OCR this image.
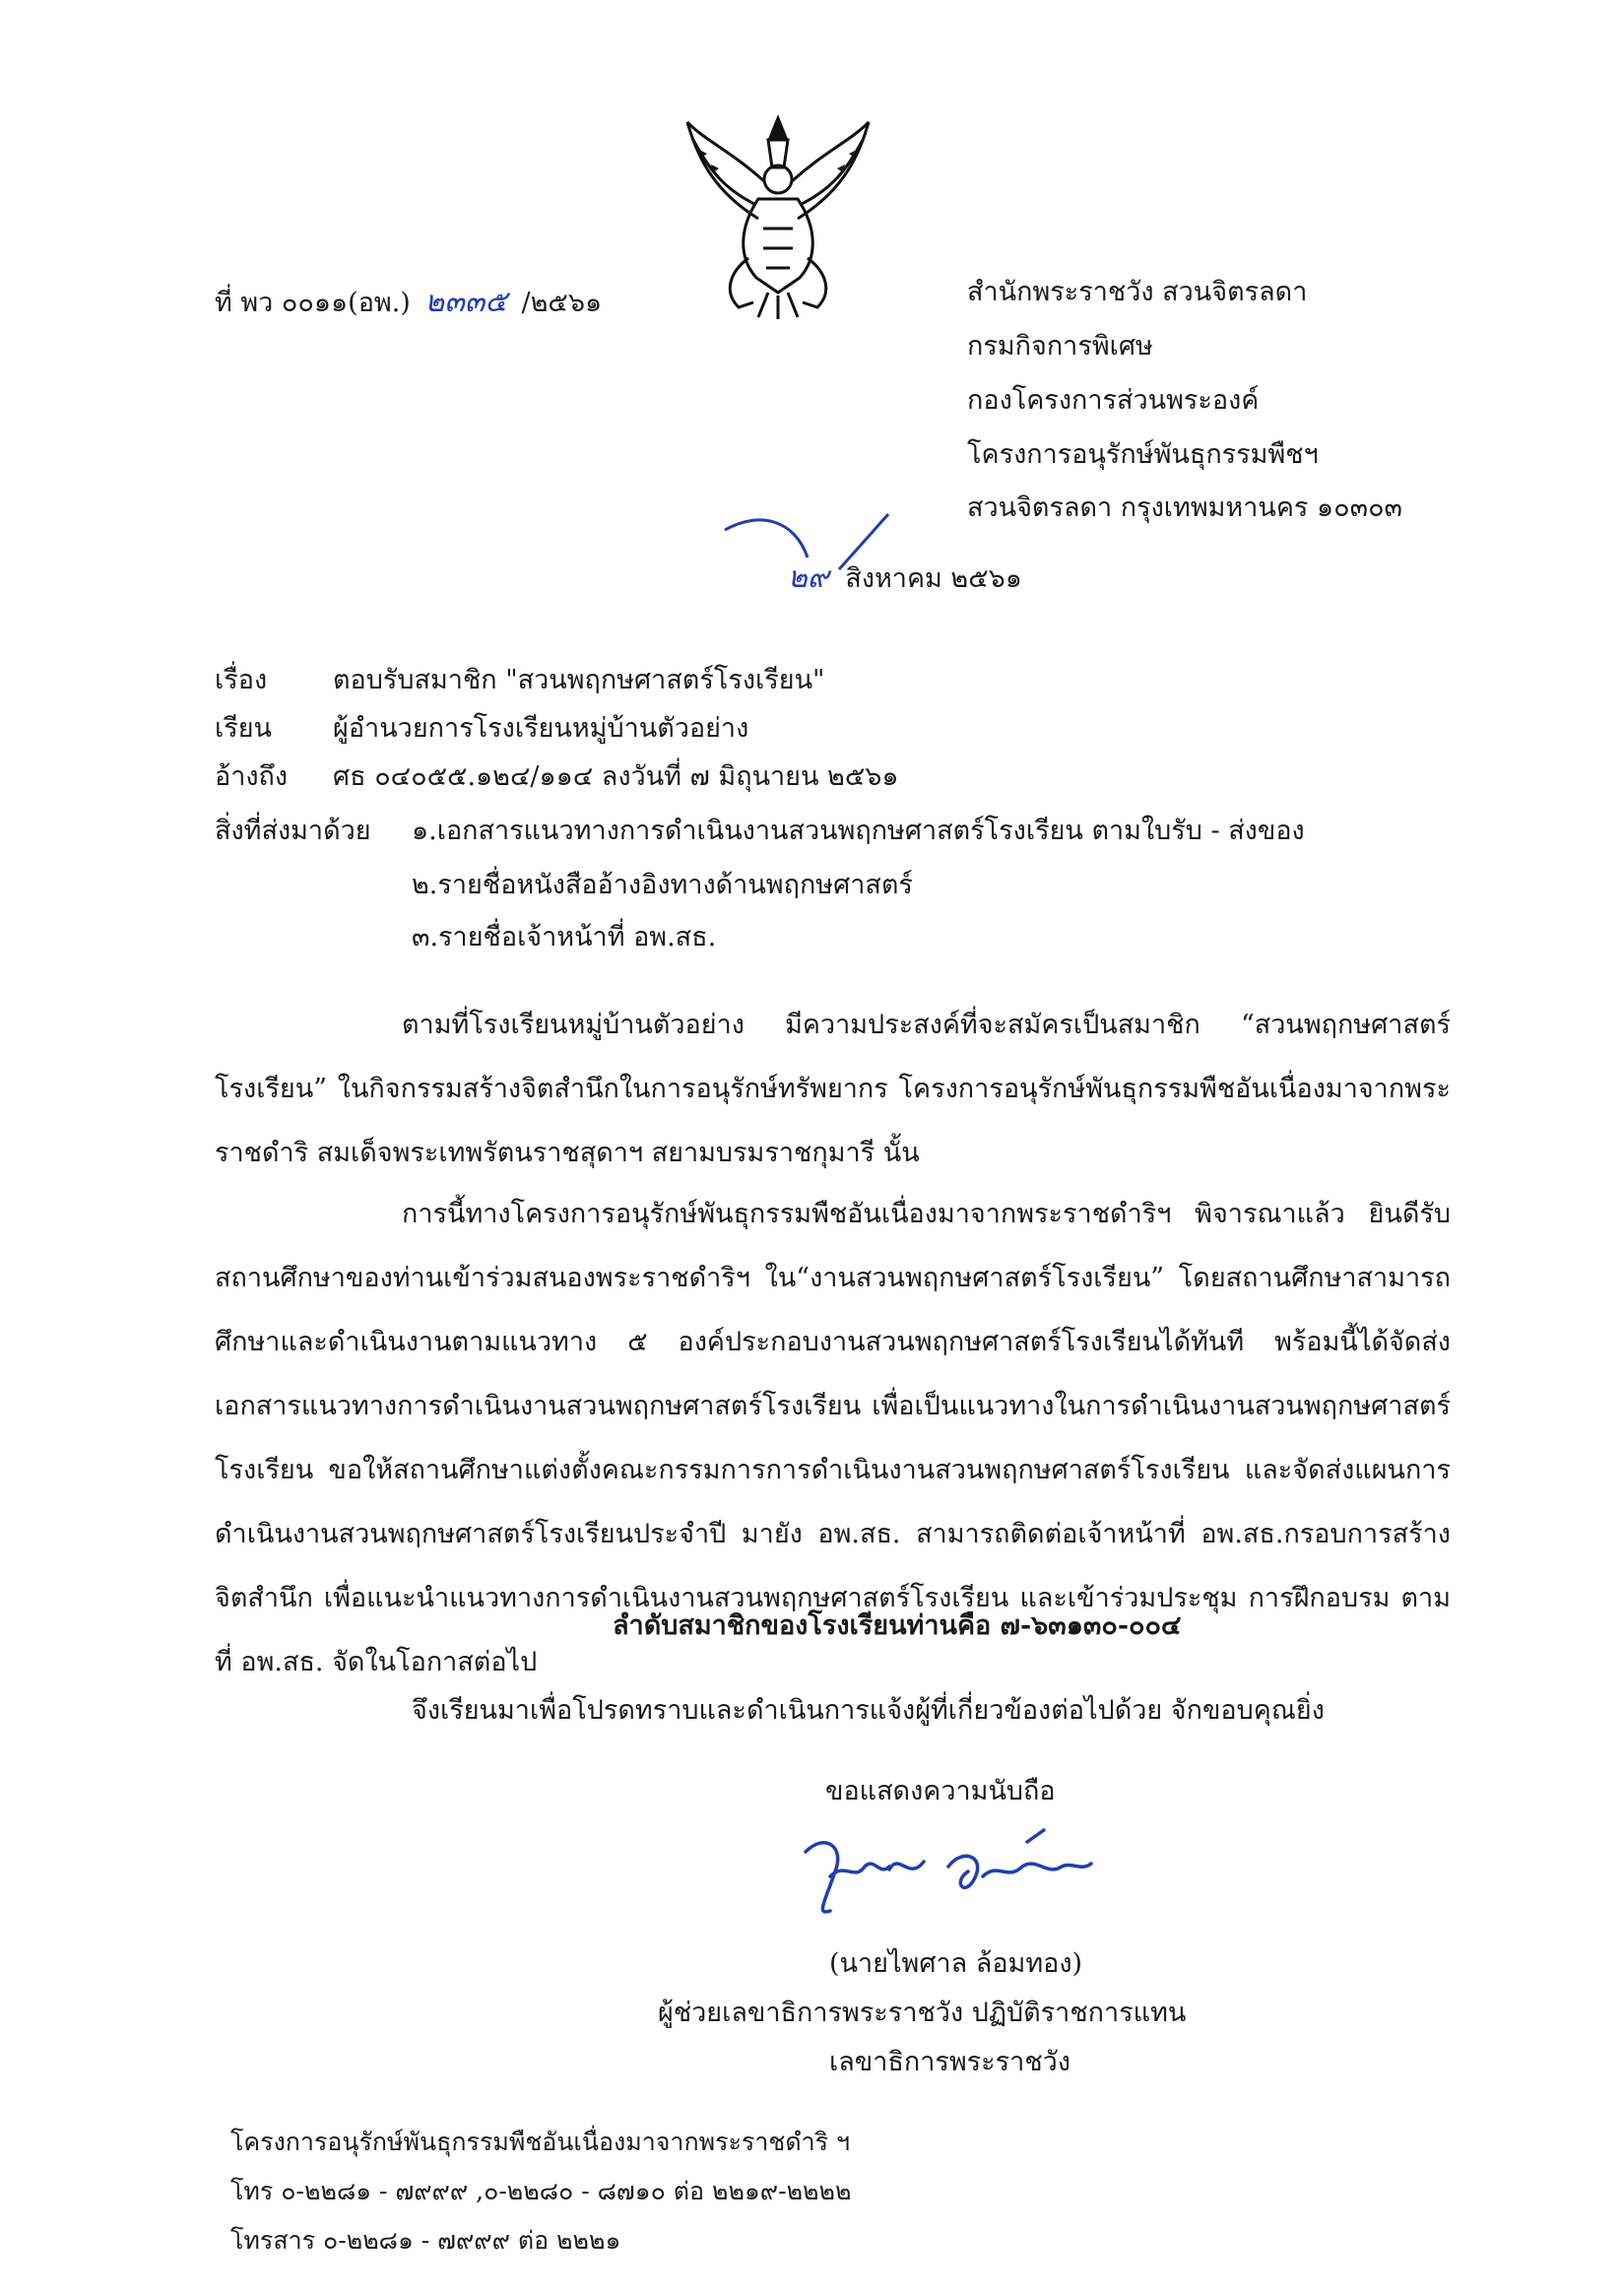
ที่ พว ๐๐๑๑(อพ.) ๒๓๓๕ /๒๕๖๑	สำนักพระราชวัง สวนจิตรลดา
กรมกิจการพิเศษ
กองโครงการส่วนพระองค์
โครงการอนุรักษ์พันธุกรรมพืชฯ
สวนจิตรลดา กรุงเทพมหานคร ๑๐๓๐๓
๒๙ สิงหาคม ๒๕๖๑
เรื่อง ตอบรับสมาชิก "สวนพฤกษศาสตร์โรงเรียน"
เรียน ผู้อำนวยการโรงเรียนหมู่บ้านตัวอย่าง
อ้างถึง ศธ ๐๔๐๕๕.๑๒๔/๑๑๔ ลงวันที่ ๗ มิถุนายน ๒๕๖๑
สิ่งที่ส่งมาด้วย ๑.เอกสารแนวทางการดำเนินงานสวนพฤกษศาสตร์โรงเรียน ตามใบรับ - ส่งของ
๒.รายชื่อหนังสืออ้างอิงทางด้านพฤกษศาสตร์
๓.รายชื่อเจ้าหน้าที่ อพ.สธ.

ตามที่โรงเรียนหมู่บ้านตัวอย่าง มีความประสงค์ที่จะสมัครเป็นสมาชิก “สวนพฤกษศาสตร์โรงเรียน” ในกิจกรรมสร้างจิตสำนึกในการอนุรักษ์ทรัพยากร โครงการอนุรักษ์พันธุกรรมพืชอันเนื่องมาจากพระราชดำริ สมเด็จพระเทพรัตนราชสุดาฯ สยามบรมราชกุมารี นั้น

การนี้ทางโครงการอนุรักษ์พันธุกรรมพืชอันเนื่องมาจากพระราชดำริฯ พิจารณาแล้ว ยินดีรับสถานศึกษาของท่านเข้าร่วมสนองพระราชดำริฯ ใน“งานสวนพฤกษศาสตร์โรงเรียน” โดยสถานศึกษาสามารถศึกษาและดำเนินงานตามแนวทาง ๕ องค์ประกอบงานสวนพฤกษศาสตร์โรงเรียนได้ทันที พร้อมนี้ได้จัดส่งเอกสารแนวทางการดำเนินงานสวนพฤกษศาสตร์โรงเรียน เพื่อเป็นแนวทางในการดำเนินงานสวนพฤกษศาสตร์โรงเรียน ขอให้สถานศึกษาแต่งตั้งคณะกรรมการการดำเนินงานสวนพฤกษศาสตร์โรงเรียน และจัดส่งแผนการดำเนินงานสวนพฤกษศาสตร์โรงเรียนประจำปี มายัง อพ.สธ. สามารถติดต่อเจ้าหน้าที่ อพ.สธ.กรอบการสร้างจิตสำนึก เพื่อแนะนำแนวทางการดำเนินงานสวนพฤกษศาสตร์โรงเรียน และเข้าร่วมประชุม การฝึกอบรม ตามที่ อพ.สธ. จัดในโอกาสต่อไป

ลำดับสมาชิกของโรงเรียนท่านคือ ๗-๖๓๑๓๐-๐๐๔
จึงเรียนมาเพื่อโปรดทราบและดำเนินการแจ้งผู้ที่เกี่ยวข้องต่อไปด้วย จักขอบคุณยิ่ง
ขอแสดงความนับถือ
(นายไพศาล ล้อมทอง)
ผู้ช่วยเลขาธิการพระราชวัง ปฏิบัติราชการแทน
เลขาธิการพระราชวัง
โครงการอนุรักษ์พันธุกรรมพืชอันเนื่องมาจากพระราชดำริ ฯ
โทร ๐-๒๒๘๑ - ๗๙๙๙ ,๐-๒๒๘๐ - ๘๗๑๐ ต่อ ๒๒๑๙-๒๒๒๒
โทรสาร ๐-๒๒๘๑ - ๗๙๙๙ ต่อ ๒๒๒๑
